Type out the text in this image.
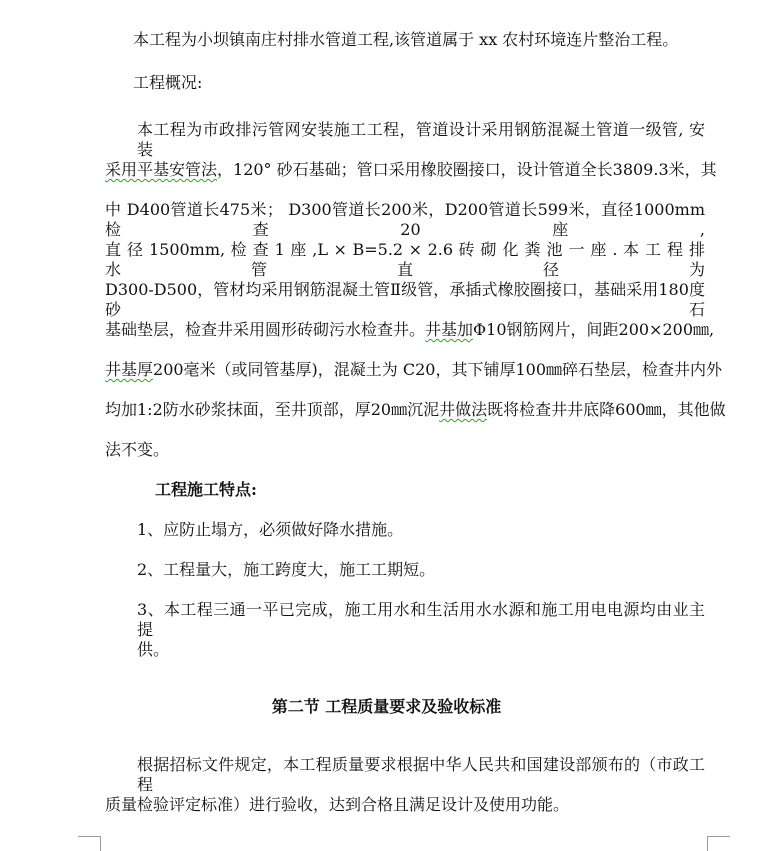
本工程为小坝镇南庄村排水管道工程,该管道属于 xx 农村环境连片整治工程。
工程概况:
本工程为市政排污管网安装施工工程，管道设计采用钢筋混凝土管道一级管, 安装
采用平基安管法 ，120° 砂石基础；管口采用橡胶圈接口，设计管道全长3809.3米，其
中 D400管道长475米； D300管道长200米，D200管道长599米，直径1000mm 检查20座,
直 径 1500mm, 检 查 1 座 ,L × B=5.2 × 2.6 砖 砌 化 粪 池 一 座 . 本 工 程 排 水 管 直 径 为
D300-D500，管材均采用钢筋混凝土管Ⅱ级管，承插式橡胶圈接口，基础采用180度砂石
基础垫层，检查井采用圆形砖砌污水检查井。 井基加Φ10钢筋网片，间距200×200㎜,
井基厚 200毫米（或同管基厚)，混凝土为 C20，其下铺厚100㎜碎石垫层，检查井内外
均加1:2防水砂浆抹面，至井顶部，厚20㎜沉泥井做法 既将检查井井底降600㎜，其他做
法不变。
工程施工特点:
1、应防止塌方，必须做好降水措施。
2、工程量大，施工跨度大，施工工期短。
3、本工程三通一平已完成，施工用水和生活用水水源和施工用电电源均由业主提
供。
第二节 工程质量要求及验收标准
根据招标文件规定，本工程质量要求根据中华人民共和国建设部颁布的（市政工程
质量检验评定标准）进行验收，达到合格且满足设计及使用功能。
